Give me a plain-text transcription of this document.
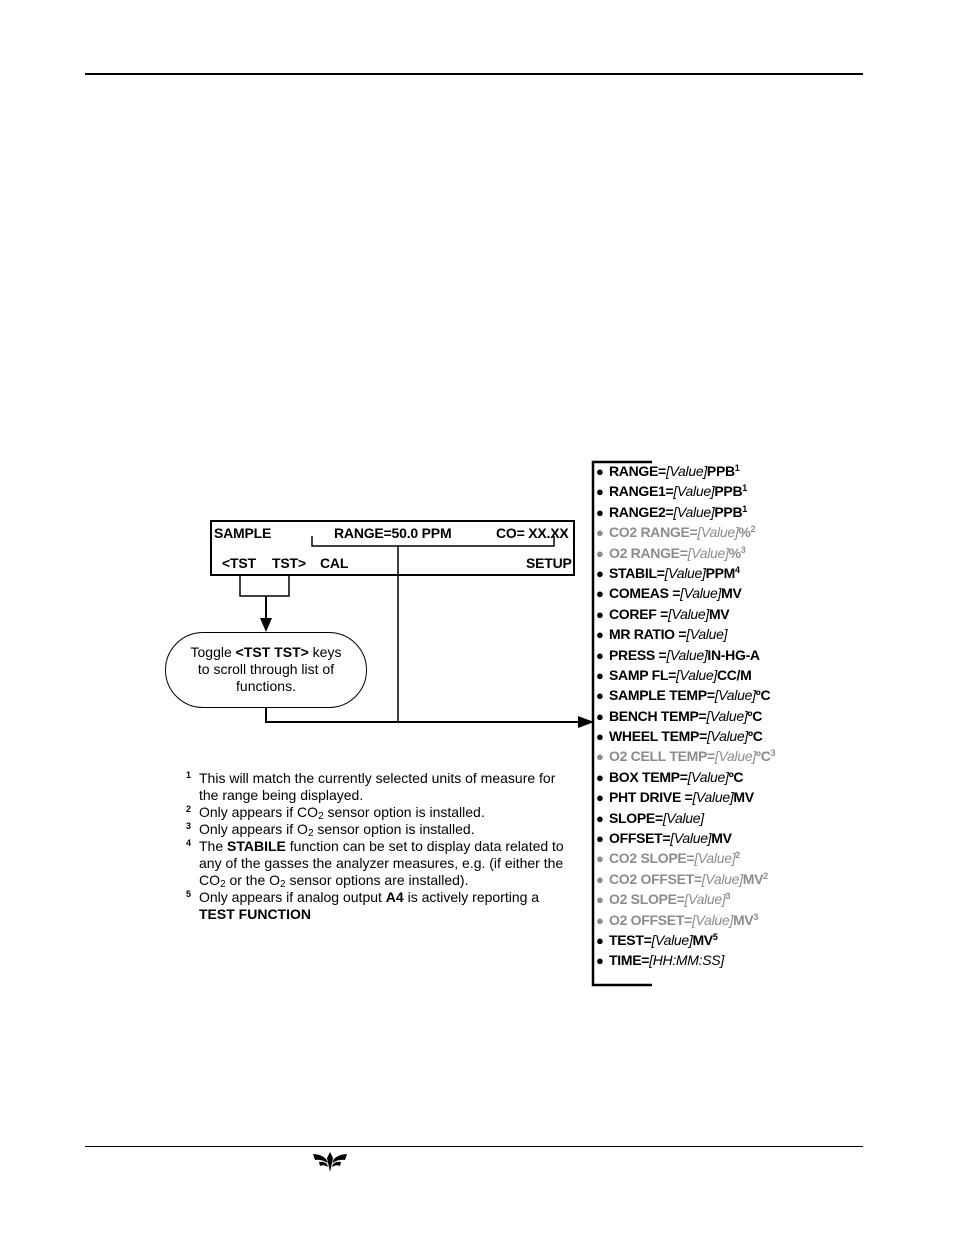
SAMPLE	RANGE=50.0 PPM	CO= XX.XX
<TST TST> CAL	SETUP
Toggle <TST TST> keys
to scroll through list of
functions.
1 This will match the currently selected units of measure for the range being displayed.
2 Only appears if $CO_2$ sensor option is installed.
3 Only appears if $O_2$ sensor option is installed.
4 The STABILE function can be set to display data related to any of the gasses the analyzer measures, e.g. (if either the $CO_2$ or the $O_2$ sensor options are installed).
5 Only appears if analog output A4 is actively reporting a
TEST FUNCTION
● $RANGE=[Value]PPB^1$
● $RANGE1=[Value]PPB^1$
● $RANGE2=[Value]PPB^1$
● CO2 RANGE=[Value]%$^2$
● O2 RANGE=[Value]%$^3$
● $STABIL=[Value]PPM^4$
● COMEAS =[Value]MV
● COREF =[Value]MV
● MR RATIO =[Value]
● PRESS =[Value]IN-HG-A
● SAMP FL=[Value]CC/M
● SAMPLE TEMP=[Value]ºC
● BENCH TEMP=[Value]ºC
● WHEEL TEMP=[Value]ºC
● O2 CELL TEMP=[Value]ºC$^3$
● BOX TEMP=[Value]ºC
● PHT DRIVE =[Value]MV
● SLOPE=[Value]
● OFFSET=[Value]MV
● CO2 SLOPE=[Value]$^2$
● CO2 $OFFSET=[Value]MV^2$
● O2 SLOPE=[Value]$^3$
● O2 $OFFSET=[Value]MV^3$
● $TEST=[Value]MV^5$
● TIME=[HH:MM:SS]
